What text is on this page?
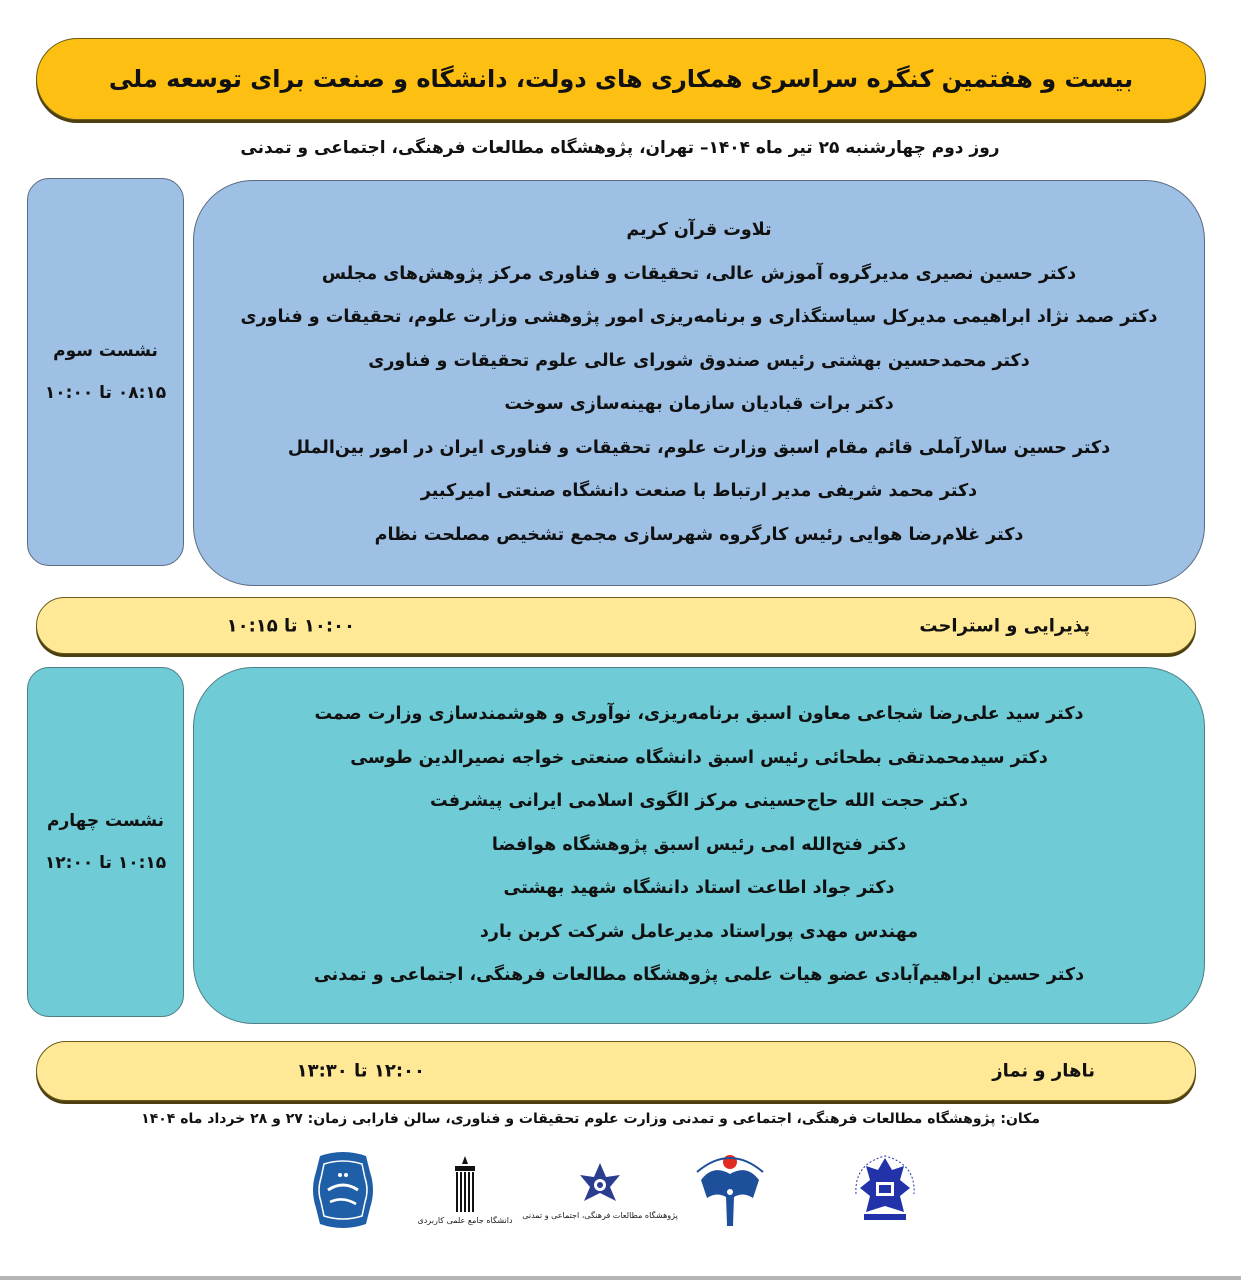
بیست و هفتمین کنگره سراسری همکاری های دولت، دانشگاه و صنعت برای توسعه ملی
روز دوم چهارشنبه ۲۵ تیر ماه ۱۴۰۴– تهران، پژوهشگاه مطالعات فرهنگی، اجتماعی و تمدنی
نشست سوم
۰۸:۱۵ تا ۱۰:۰۰
تلاوت قرآن کریم
دکتر حسین نصیری مدیرگروه آموزش عالی، تحقیقات و فناوری مرکز پژوهش‌های مجلس
دکتر صمد نژاد ابراهیمی مدیرکل سیاستگذاری و برنامه‌ریزی امور پژوهشی وزارت علوم، تحقیقات و فناوری
دکتر محمدحسین بهشتی رئیس صندوق شورای عالی علوم تحقیقات و فناوری
دکتر برات قبادیان سازمان بهینه‌سازی سوخت
دکتر حسین سالارآملی قائم مقام اسبق وزارت علوم، تحقیقات و فناوری ایران در امور بین‌الملل
دکتر محمد شریفی مدیر ارتباط با صنعت دانشگاه صنعتی امیرکبیر
دکتر غلام‌رضا هوایی رئیس کارگروه شهرسازی مجمع تشخیص مصلحت نظام
پذیرایی و استراحت
۱۰:۰۰ تا ۱۰:۱۵
نشست چهارم
۱۰:۱۵ تا ۱۲:۰۰
دکتر سید علی‌رضا شجاعی معاون اسبق برنامه‌ریزی، نوآوری و هوشمندسازی وزارت صمت
دکتر سیدمحمدتقی بطحائی رئیس اسبق دانشگاه صنعتی خواجه نصیرالدین طوسی
دکتر حجت الله حاج‌حسینی مرکز الگوی اسلامی ایرانی پیشرفت
دکتر فتح‌الله امی رئیس اسبق پژوهشگاه هوافضا
دکتر جواد اطاعت استاد دانشگاه شهید بهشتی
مهندس مهدی پوراستاد مدیرعامل شرکت کربن بارد
دکتر حسین ابراهیم‌آبادی عضو هیات علمی پژوهشگاه مطالعات فرهنگی، اجتماعی و تمدنی
ناهار و نماز
۱۲:۰۰ تا ۱۳:۳۰
مکان: پژوهشگاه مطالعات فرهنگی، اجتماعی و تمدنی وزارت علوم تحقیقات و فناوری، سالن فارابی زمان: ۲۷ و ۲۸ خرداد ماه ۱۴۰۴
دانشگاه جامع علمی کاربردی
پژوهشگاه مطالعات فرهنگی، اجتماعی و تمدنی
